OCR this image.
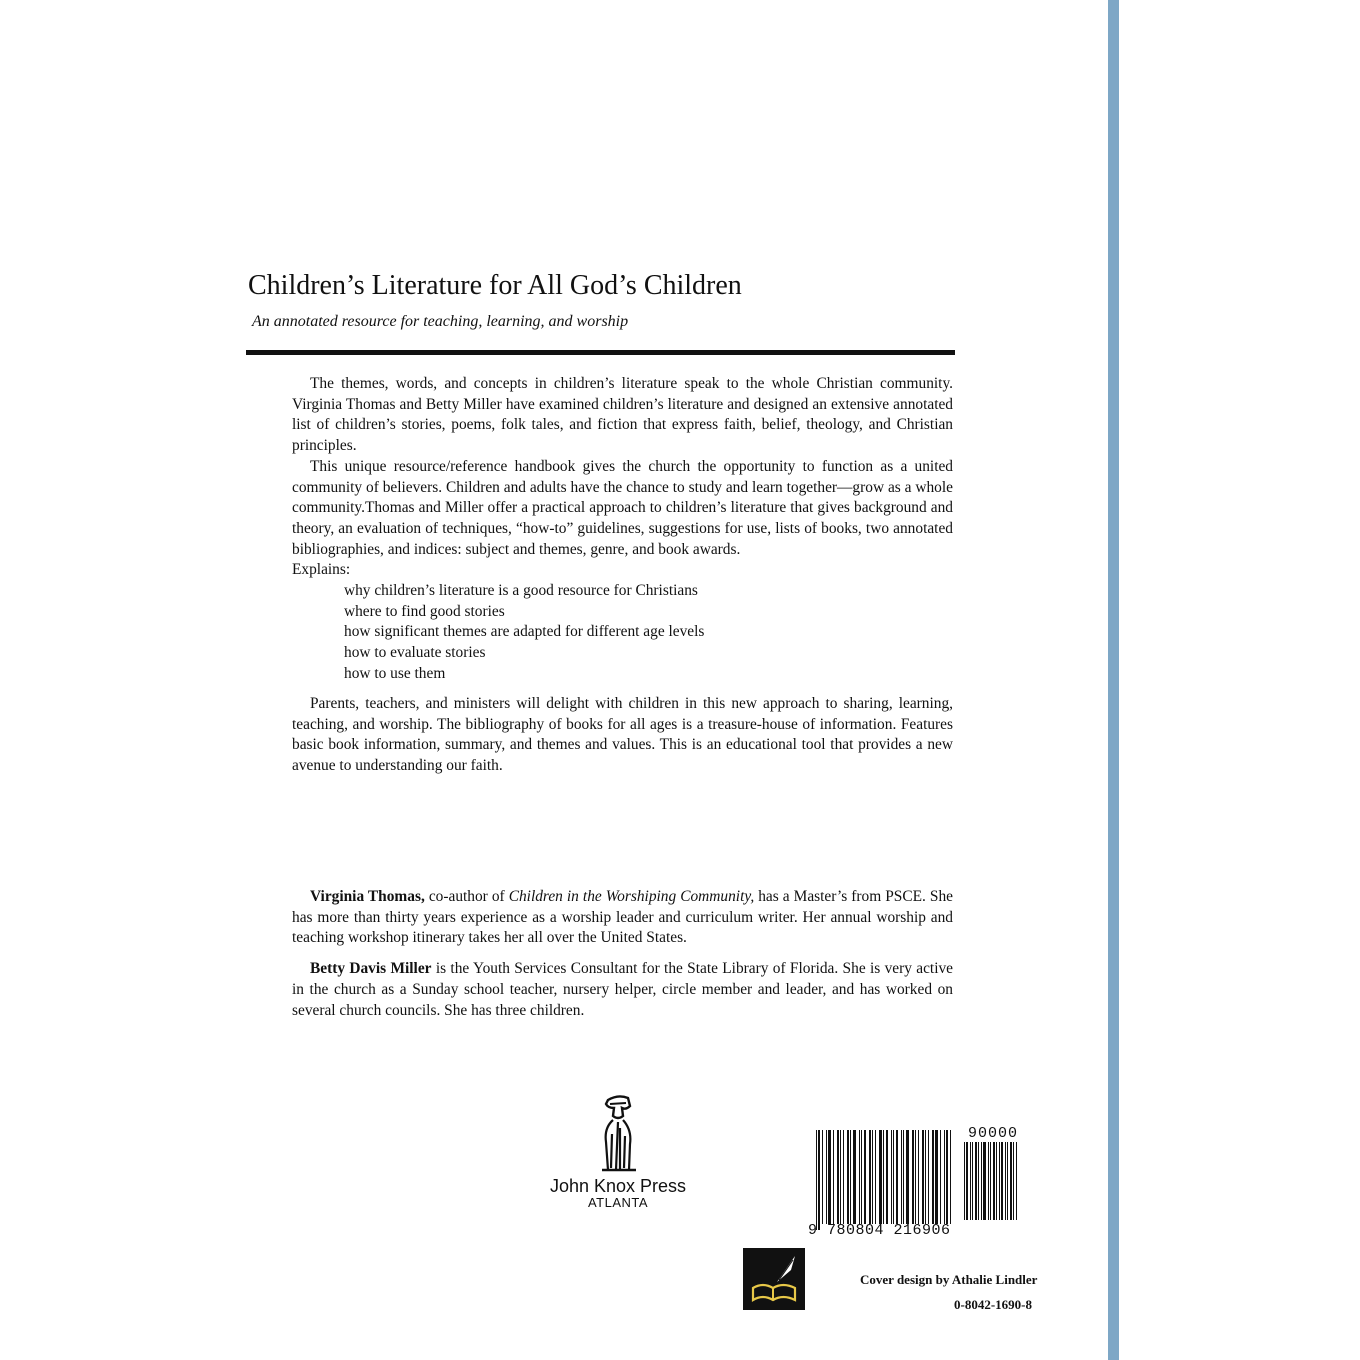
Children’s Literature for All God’s Children
An annotated resource for teaching, learning, and worship

The themes, words, and concepts in children’s literature speak to the whole Christian community. Virginia Thomas and Betty Miller have examined children’s literature and designed an extensive annotated list of children’s stories, poems, folk tales, and fiction that express faith, belief, theology, and Christian principles.

This unique resource/reference handbook gives the church the opportunity to function as a united community of believers. Children and adults have the chance to study and learn together—grow as a whole community.Thomas and Miller offer a practical approach to children’s literature that gives background and theory, an evaluation of techniques, “how-to” guidelines, suggestions for use, lists of books, two annotated bibliographies, and indices: subject and themes, genre, and book awards.

Explains:
why children’s literature is a good resource for Christians
where to find good stories
how significant themes are adapted for different age levels
how to evaluate stories
how to use them

Parents, teachers, and ministers will delight with children in this new approach to sharing, learning, teaching, and worship. The bibliography of books for all ages is a treasure-house of information. Features basic book information, summary, and themes and values. This is an educational tool that provides a new avenue to understanding our faith.

Virginia Thomas, co-author of Children in the Worshiping Community, has a Master’s from PSCE. She has more than thirty years experience as a worship leader and curriculum writer. Her annual worship and teaching workshop itinerary takes her all over the United States.

Betty Davis Miller is the Youth Services Consultant for the State Library of Florida. She is very active in the church as a Sunday school teacher, nursery helper, circle member and leader, and has worked on several church councils. She has three children.

John Knox Press
ATLANTA
90000
9 780804 216906
Cover design by Athalie Lindler
0-8042-1690-8
